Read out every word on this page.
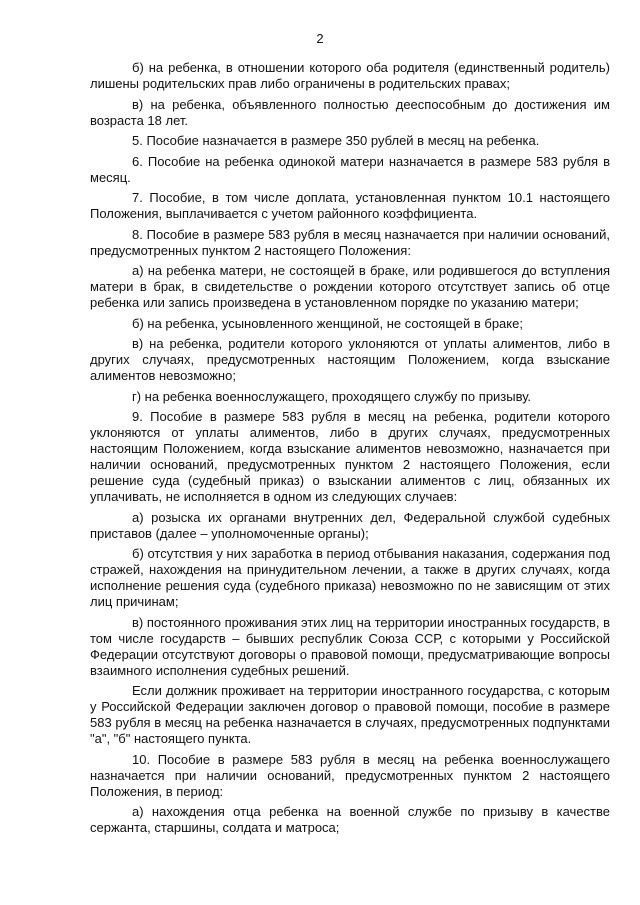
2

б) на ребенка, в отношении которого оба родителя (единственный родитель) лишены родительских прав либо ограничены в родительских правах;

в) на ребенка, объявленного полностью дееспособным до достижения им возраста 18 лет.

5. Пособие назначается в размере 350 рублей в месяц на ребенка.

6. Пособие на ребенка одинокой матери назначается в размере 583 рубля в месяц.

7. Пособие, в том числе доплата, установленная пунктом 10.1 настоящего Положения, выплачивается с учетом районного коэффициента.

8. Пособие в размере 583 рубля в месяц назначается при наличии оснований, предусмотренных пунктом 2 настоящего Положения:

а) на ребенка матери, не состоящей в браке, или родившегося до вступления матери в брак, в свидетельстве о рождении которого отсутствует запись об отце ребенка или запись произведена в установленном порядке по указанию матери;

б) на ребенка, усыновленного женщиной, не состоящей в браке;

в) на ребенка, родители которого уклоняются от уплаты алиментов, либо в других случаях, предусмотренных настоящим Положением, когда взыскание алиментов невозможно;

г) на ребенка военнослужащего, проходящего службу по призыву.

9. Пособие в размере 583 рубля в месяц на ребенка, родители которого уклоняются от уплаты алиментов, либо в других случаях, предусмотренных настоящим Положением, когда взыскание алиментов невозможно, назначается при наличии оснований, предусмотренных пунктом 2 настоящего Положения, если решение суда (судебный приказ) о взыскании алиментов с лиц, обязанных их уплачивать, не исполняется в одном из следующих случаев:

а) розыска их органами внутренних дел, Федеральной службой судебных приставов (далее – уполномоченные органы);

б) отсутствия у них заработка в период отбывания наказания, содержания под стражей, нахождения на принудительном лечении, а также в других случаях, когда исполнение решения суда (судебного приказа) невозможно по не зависящим от этих лиц причинам;

в) постоянного проживания этих лиц на территории иностранных государств, в том числе государств – бывших республик Союза ССР, с которыми у Российской Федерации отсутствуют договоры о правовой помощи, предусматривающие вопросы взаимного исполнения судебных решений.

Если должник проживает на территории иностранного государства, с которым у Российской Федерации заключен договор о правовой помощи, пособие в размере 583 рубля в месяц на ребенка назначается в случаях, предусмотренных подпунктами "а", "б" настоящего пункта.

10. Пособие в размере 583 рубля в месяц на ребенка военнослужащего назначается при наличии оснований, предусмотренных пунктом 2 настоящего Положения, в период:

а) нахождения отца ребенка на военной службе по призыву в качестве сержанта, старшины, солдата и матроса;
